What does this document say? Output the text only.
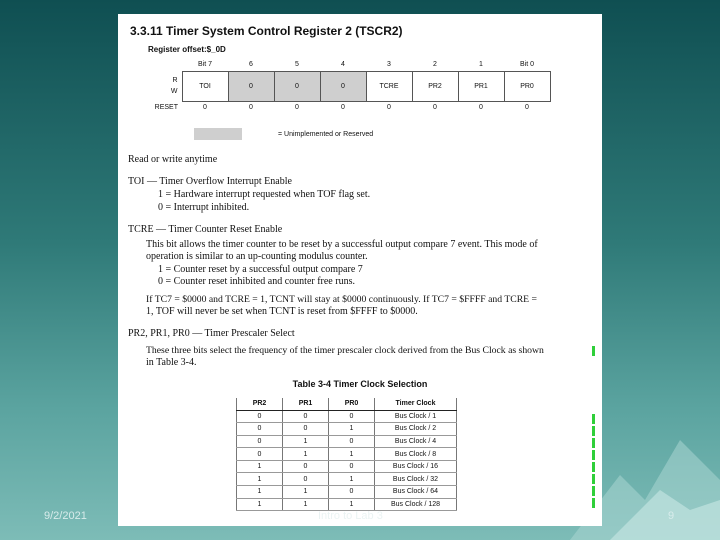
3.3.11 Timer System Control Register 2 (TSCR2)
Register offset:$_0D
	Bit 7	6	5	4	3	2	1	Bit 0
R
W	TOI	0	0	0	TCRE	PR2	PR1	PR0
RESET	0	0	0	0	0	0	0	0
= Unimplemented or Reserved
Read or write anytime
TOI — Timer Overflow Interrupt Enable
1 = Hardware interrupt requested when TOF flag set.
0 = Interrupt inhibited.
TCRE — Timer Counter Reset Enable
This bit allows the timer counter to be reset by a successful output compare 7 event. This mode of
operation is similar to an up-counting modulus counter.
1 = Counter reset by a successful output compare 7
0 = Counter reset inhibited and counter free runs.
If TC7 = $0000 and TCRE = 1, TCNT will stay at $0000 continuously. If TC7 = $FFFF and TCRE =
1, TOF will never be set when TCNT is reset from $FFFF to $0000.
PR2, PR1, PR0 — Timer Prescaler Select
These three bits select the frequency of the timer prescaler clock derived from the Bus Clock as shown
in Table 3-4.
Table 3-4 Timer Clock Selection
PR2	PR1	PR0	Timer Clock
0	0	0	Bus Clock / 1
0	0	1	Bus Clock / 2
0	1	0	Bus Clock / 4
0	1	1	Bus Clock / 8
1	0	0	Bus Clock / 16
1	0	1	Bus Clock / 32
1	1	0	Bus Clock / 64
1	1	1	Bus Clock / 128
9/2/2021	Intro to Lab 3	9
